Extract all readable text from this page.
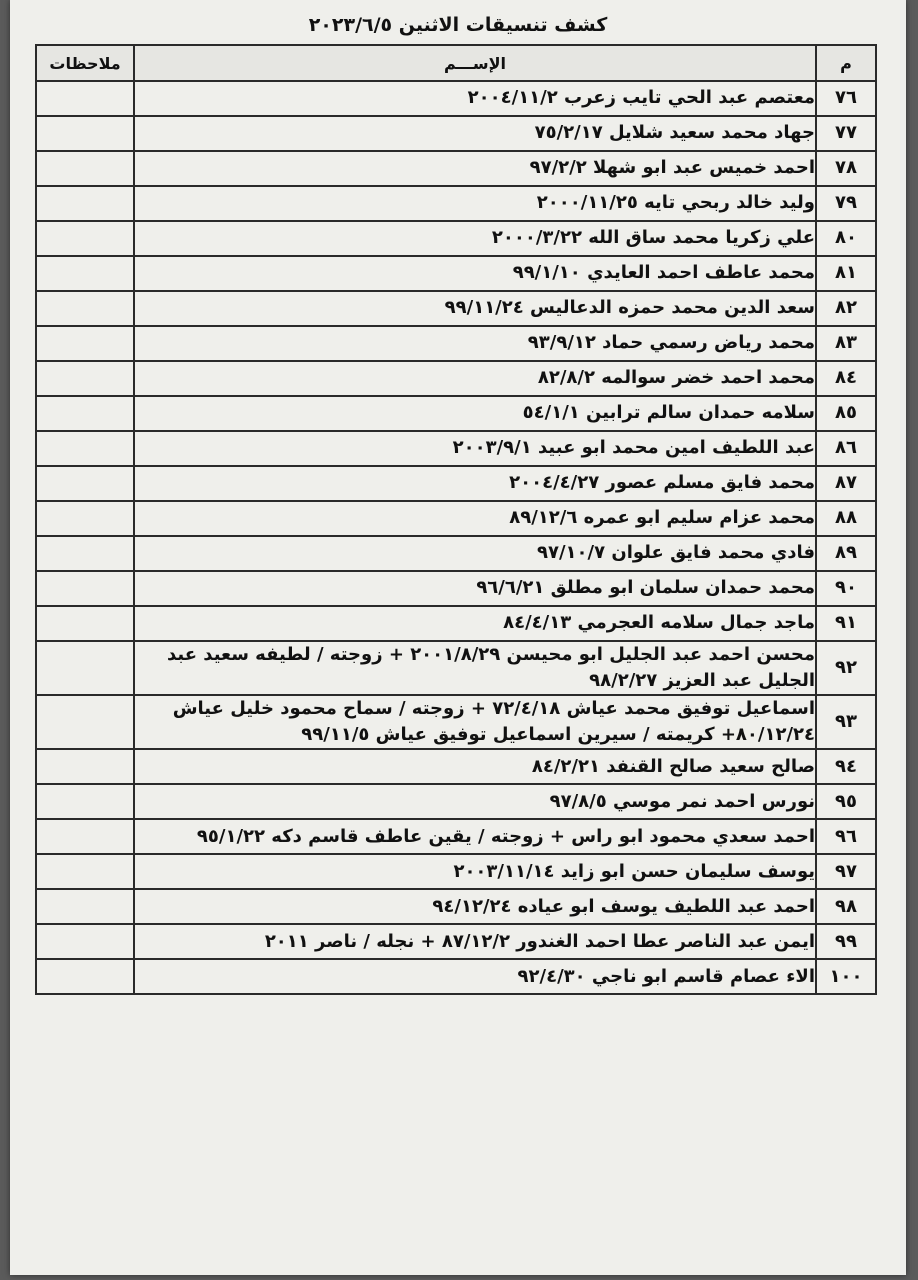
كشف تنسيقات الاثنين ٢٠٢٣/٦/٥
م	الإســـم	ملاحظات
٧٦	معتصم عبد الحي تايب زعرب ٢٠٠٤/١١/٢	
٧٧	جهاد محمد سعيد شلايل ٧٥/٢/١٧	
٧٨	احمد خميس عبد ابو شهلا ٩٧/٢/٢	
٧٩	وليد خالد ربحي تايه ٢٠٠٠/١١/٢٥	
٨٠	علي زكريا محمد ساق الله ٢٠٠٠/٣/٢٢	
٨١	محمد عاطف احمد العايدي ٩٩/١/١٠	
٨٢	سعد الدين محمد حمزه الدعاليس ٩٩/١١/٢٤	
٨٣	محمد رياض رسمي حماد ٩٣/٩/١٢	
٨٤	محمد احمد خضر سوالمه ٨٢/٨/٢	
٨٥	سلامه حمدان سالم ترابين ٥٤/١/١	
٨٦	عبد اللطيف امين محمد ابو عبيد ٢٠٠٣/٩/١	
٨٧	محمد فايق مسلم عصور ٢٠٠٤/٤/٢٧	
٨٨	محمد عزام سليم ابو عمره ٨٩/١٢/٦	
٨٩	فادي محمد فايق علوان ٩٧/١٠/٧	
٩٠	محمد حمدان سلمان ابو مطلق ٩٦/٦/٢١	
٩١	ماجد جمال سلامه العجرمي ٨٤/٤/١٣	
٩٢	محسن احمد عبد الجليل ابو محيسن ٢٠٠١/٨/٢٩ + زوجته / لطيفه سعيد عبد الجليل عبد العزيز ٩٨/٢/٢٧	
٩٣	اسماعيل توفيق محمد عياش ٧٢/٤/١٨ + زوجته / سماح محمود خليل عياش ٨٠/١٢/٢٤+ كريمته / سيرين اسماعيل توفيق عياش ٩٩/١١/٥	
٩٤	صالح سعيد صالح القنفد ٨٤/٢/٢١	
٩٥	نورس احمد نمر موسي ٩٧/٨/٥	
٩٦	احمد سعدي محمود ابو راس + زوجته / يقين عاطف قاسم دكه ٩٥/١/٢٢	
٩٧	يوسف سليمان حسن ابو زايد ٢٠٠٣/١١/١٤	
٩٨	احمد عبد اللطيف يوسف ابو عياده ٩٤/١٢/٢٤	
٩٩	ايمن عبد الناصر عطا احمد الغندور ٨٧/١٢/٢ + نجله / ناصر ٢٠١١	
١٠٠	الاء عصام قاسم ابو ناجي ٩٢/٤/٣٠	
